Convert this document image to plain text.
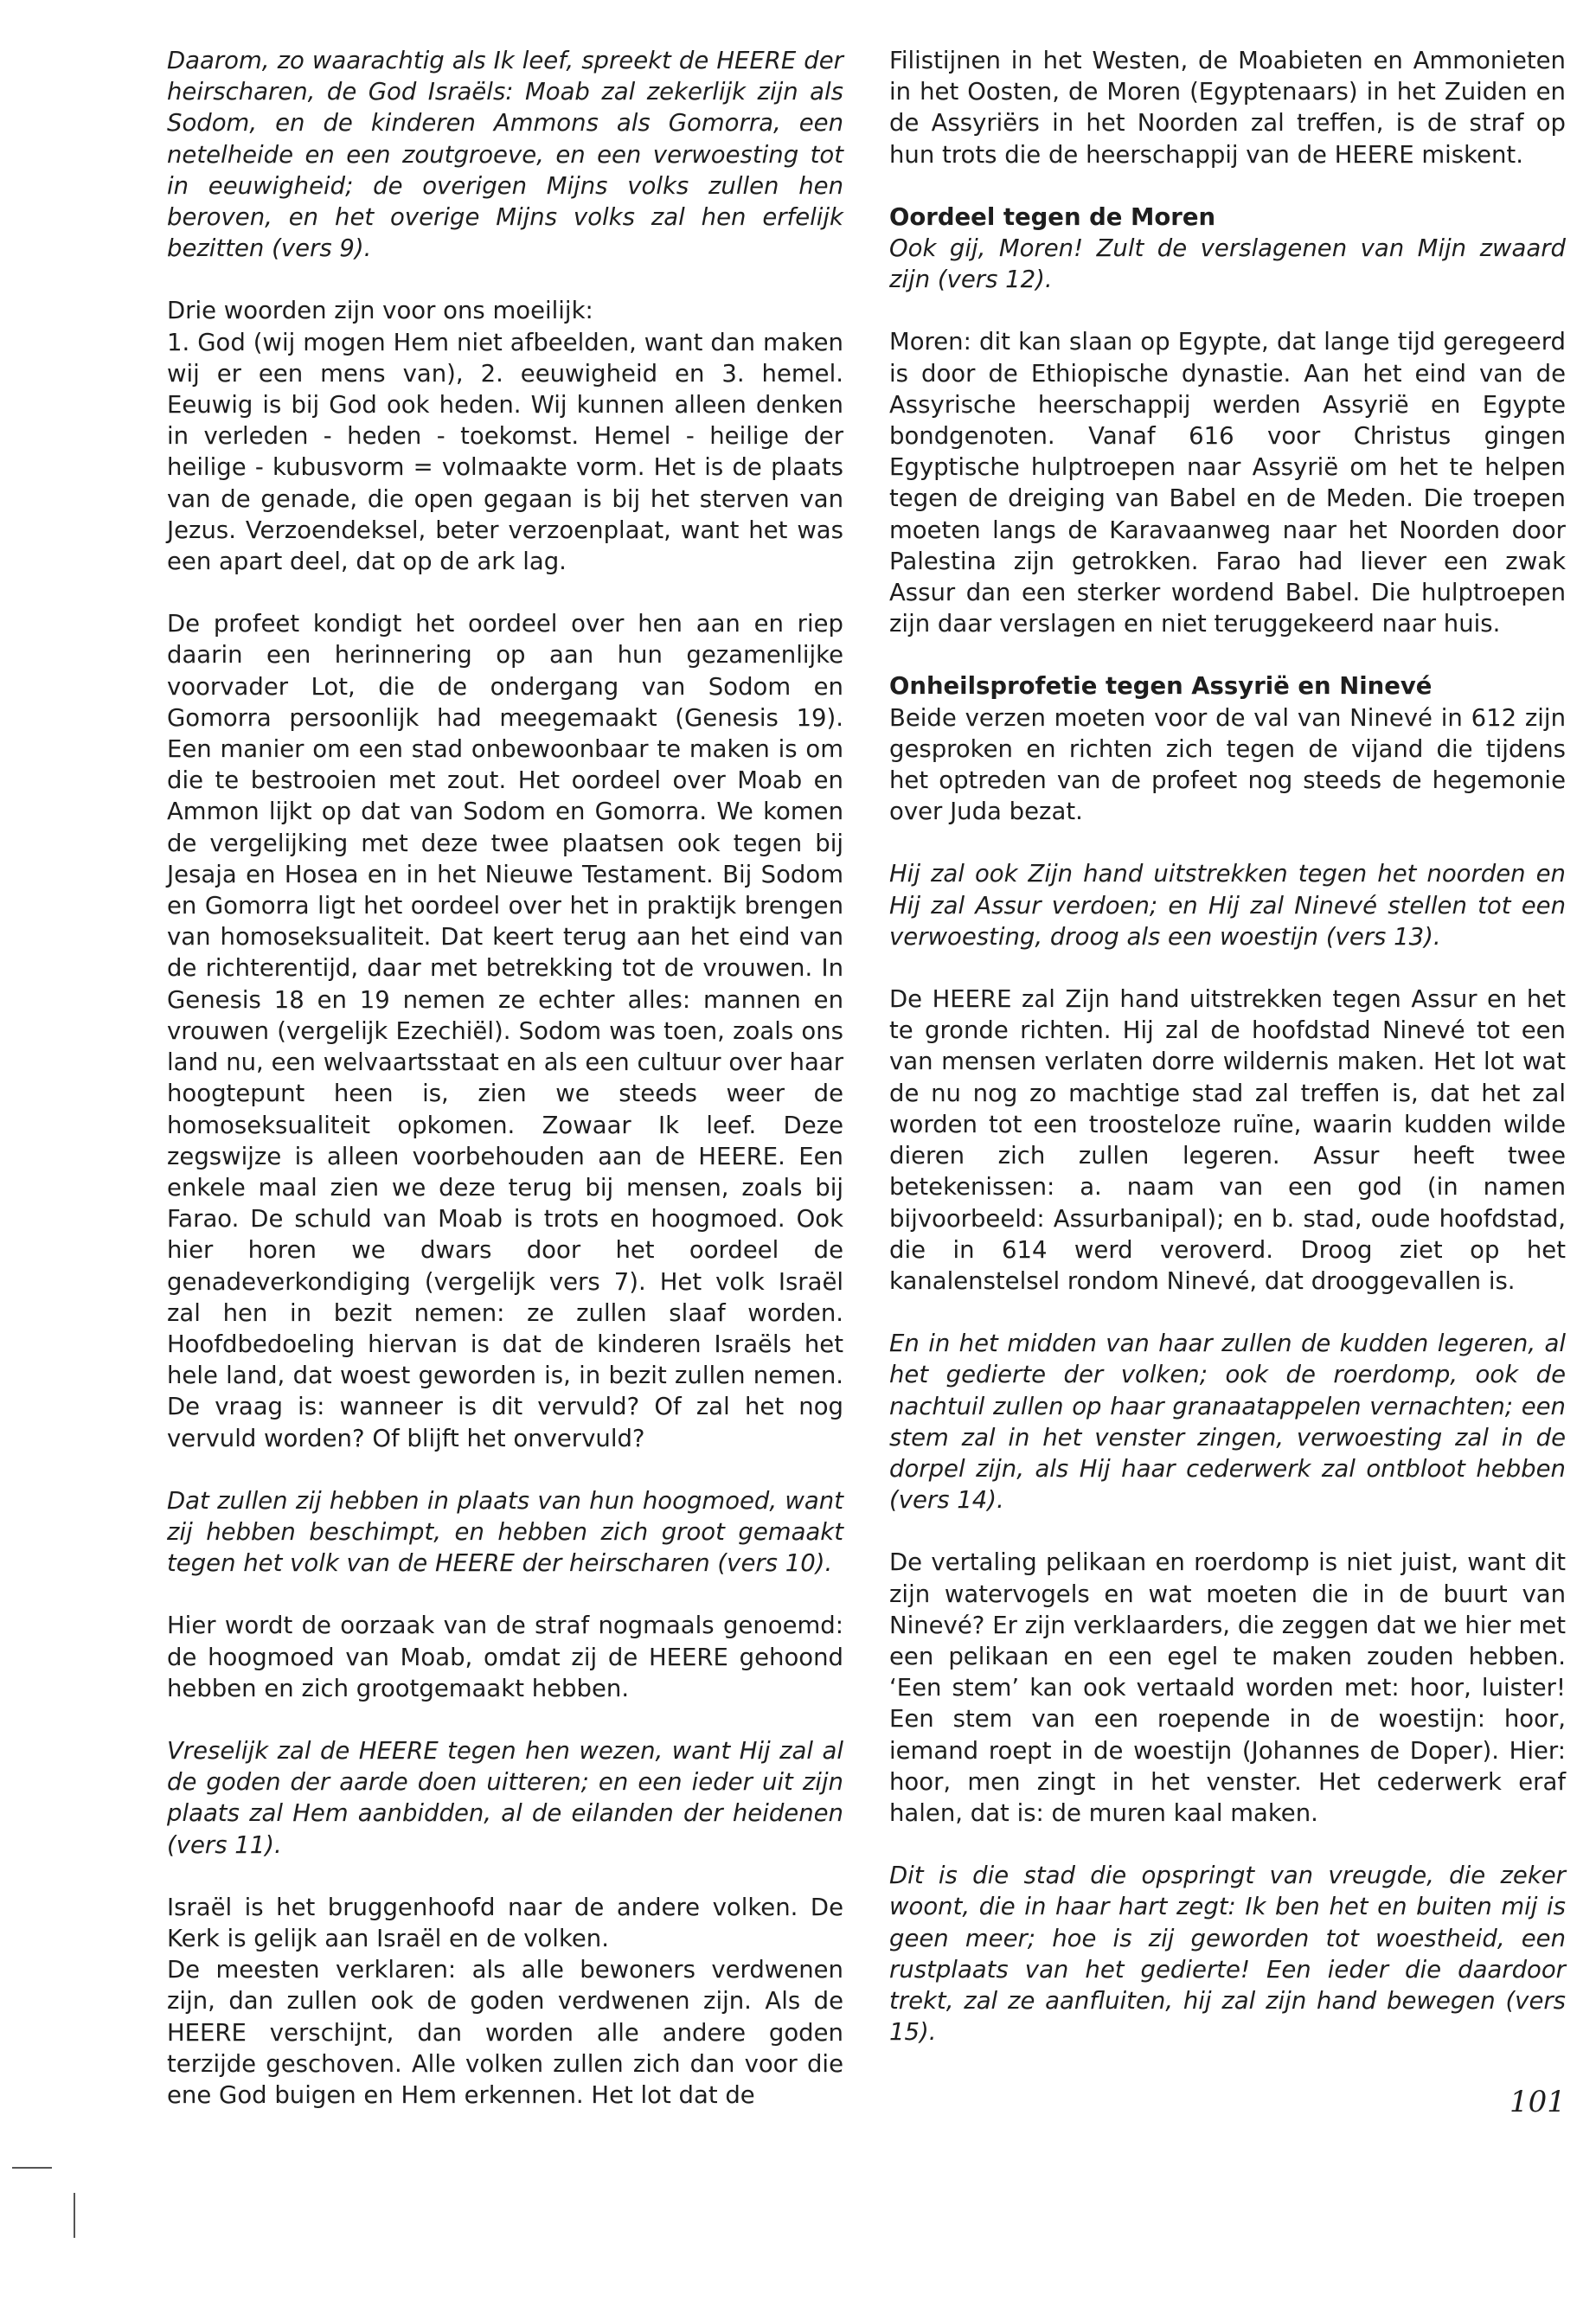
Daarom, zo waarachtig als Ik leef, spreekt de HEERE der heirscharen, de God Israëls: Moab zal zekerlijk zijn als Sodom, en de kinderen Ammons als Gomorra, een netelheide en een zoutgroeve, en een verwoesting tot in eeuwigheid; de overigen Mijns volks zullen hen beroven, en het overige Mijns volks zal hen erfelijk bezitten (vers 9).

Drie woorden zijn voor ons moeilijk:

1. God (wij mogen Hem niet afbeelden, want dan maken wij er een mens van), 2. eeuwigheid en 3. hemel. Eeuwig is bij God ook heden. Wij kunnen alleen denken in verleden - heden - toekomst. Hemel - heilige der heilige - kubusvorm = volmaakte vorm. Het is de plaats van de genade, die open gegaan is bij het sterven van Jezus. Verzoendeksel, beter verzoenplaat, want het was een apart deel, dat op de ark lag.

De profeet kondigt het oordeel over hen aan en riep daarin een herinnering op aan hun gezamenlijke voorvader Lot, die de ondergang van Sodom en Gomorra persoonlijk had meegemaakt (Genesis 19). Een manier om een stad onbewoonbaar te maken is om die te bestrooien met zout. Het oordeel over Moab en Ammon lijkt op dat van Sodom en Gomorra. We komen de vergelijking met deze twee plaatsen ook tegen bij Jesaja en Hosea en in het Nieuwe Testament. Bij Sodom en Gomorra ligt het oordeel over het in praktijk brengen van homoseksualiteit. Dat keert terug aan het eind van de richterentijd, daar met betrekking tot de vrouwen. In Genesis 18 en 19 nemen ze echter alles: mannen en vrouwen (vergelijk Ezechiël). Sodom was toen, zoals ons land nu, een welvaartsstaat en als een cultuur over haar hoogtepunt heen is, zien we steeds weer de homoseksualiteit opkomen. Zowaar Ik leef. Deze zegswijze is alleen voorbehouden aan de HEERE. Een enkele maal zien we deze terug bij mensen, zoals bij Farao. De schuld van Moab is trots en hoogmoed. Ook hier horen we dwars door het oordeel de genadeverkondiging (vergelijk vers 7). Het volk Israël zal hen in bezit nemen: ze zullen slaaf worden. Hoofdbedoeling hiervan is dat de kinderen Israëls het hele land, dat woest geworden is, in bezit zullen nemen. De vraag is: wanneer is dit vervuld? Of zal het nog vervuld worden? Of blijft het onvervuld?

Dat zullen zij hebben in plaats van hun hoogmoed, want zij hebben beschimpt, en hebben zich groot gemaakt tegen het volk van de HEERE der heirscharen (vers 10).

Hier wordt de oorzaak van de straf nogmaals genoemd: de hoogmoed van Moab, omdat zij de HEERE gehoond hebben en zich grootgemaakt hebben.

Vreselijk zal de HEERE tegen hen wezen, want Hij zal al de goden der aarde doen uitteren; en een ieder uit zijn plaats zal Hem aanbidden, al de eilanden der heidenen (vers 11).

Israël is het bruggenhoofd naar de andere volken. De Kerk is gelijk aan Israël en de volken.

De meesten verklaren: als alle bewoners verdwenen zijn, dan zullen ook de goden verdwenen zijn. Als de HEERE verschijnt, dan worden alle andere goden terzijde geschoven. Alle volken zullen zich dan voor die ene God buigen en Hem erkennen. Het lot dat de

Filistijnen in het Westen, de Moabieten en Ammonieten in het Oosten, de Moren (Egyptenaars) in het Zuiden en de Assyriërs in het Noorden zal treffen, is de straf op hun trots die de heerschappij van de HEERE miskent.

Oordeel tegen de Moren

Ook gij, Moren! Zult de verslagenen van Mijn zwaard zijn (vers 12).

Moren: dit kan slaan op Egypte, dat lange tijd geregeerd is door de Ethiopische dynastie. Aan het eind van de Assyrische heerschappij werden Assyrië en Egypte bondgenoten. Vanaf 616 voor Christus gingen Egyptische hulptroepen naar Assyrië om het te helpen tegen de dreiging van Babel en de Meden. Die troepen moeten langs de Karavaanweg naar het Noorden door Palestina zijn getrokken. Farao had liever een zwak Assur dan een sterker wordend Babel. Die hulptroepen zijn daar verslagen en niet teruggekeerd naar huis.

Onheilsprofetie tegen Assyrië en Ninevé

Beide verzen moeten voor de val van Ninevé in 612 zijn gesproken en richten zich tegen de vijand die tijdens het optreden van de profeet nog steeds de hegemonie over Juda bezat.

Hij zal ook Zijn hand uitstrekken tegen het noorden en Hij zal Assur verdoen; en Hij zal Ninevé stellen tot een verwoesting, droog als een woestijn (vers 13).

De HEERE zal Zijn hand uitstrekken tegen Assur en het te gronde richten. Hij zal de hoofdstad Ninevé tot een van mensen verlaten dorre wildernis maken. Het lot wat de nu nog zo machtige stad zal treffen is, dat het zal worden tot een troosteloze ruïne, waarin kudden wilde dieren zich zullen legeren. Assur heeft twee betekenissen: a. naam van een god (in namen bijvoorbeeld: Assurbanipal); en b. stad, oude hoofdstad, die in 614 werd veroverd. Droog ziet op het kanalenstelsel rondom Ninevé, dat drooggevallen is.

En in het midden van haar zullen de kudden legeren, al het gedierte der volken; ook de roerdomp, ook de nachtuil zullen op haar granaatappelen vernachten; een stem zal in het venster zingen, verwoesting zal in de dorpel zijn, als Hij haar cederwerk zal ontbloot hebben (vers 14).

De vertaling pelikaan en roerdomp is niet juist, want dit zijn watervogels en wat moeten die in de buurt van Ninevé? Er zijn verklaarders, die zeggen dat we hier met een pelikaan en een egel te maken zouden hebben. ‘Een stem’ kan ook vertaald worden met: hoor, luister! Een stem van een roepende in de woestijn: hoor, iemand roept in de woestijn (Johannes de Doper). Hier: hoor, men zingt in het venster. Het cederwerk eraf halen, dat is: de muren kaal maken.

Dit is die stad die opspringt van vreugde, die zeker woont, die in haar hart zegt: Ik ben het en buiten mij is geen meer; hoe is zij geworden tot woestheid, een rustplaats van het gedierte! Een ieder die daardoor trekt, zal ze aanfluiten, hij zal zijn hand bewegen (vers 15).

101
